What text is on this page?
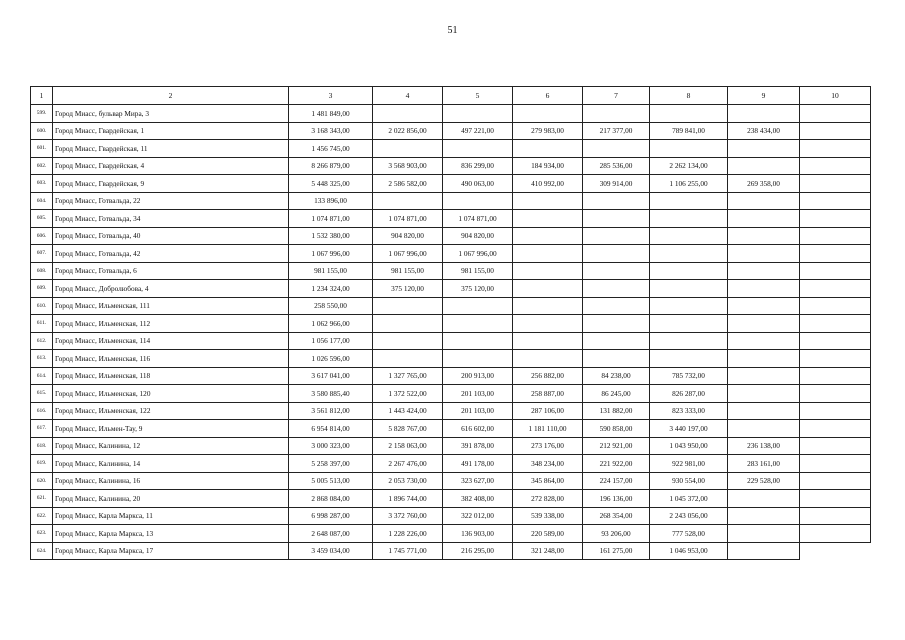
51
1	2	3	4	5	6	7	8	9	10
599.	Город Миасс, бульвар Мира, 3	1 481 849,00							
600.	Город Миасс, Гвардейская, 1	3 168 343,00	2 022 856,00	497 221,00	279 983,00	217 377,00	789 841,00	238 434,00	
601.	Город Миасс, Гвардейская, 11	1 456 745,00							
602.	Город Миасс, Гвардейская, 4	8 266 879,00	3 568 903,00	836 299,00	184 934,00	285 536,00	2 262 134,00		
603.	Город Миасс, Гвардейская, 9	5 448 325,00	2 586 582,00	490 063,00	410 992,00	309 914,00	1 106 255,00	269 358,00	
604.	Город Миасс, Готвальда, 22	133 896,00							
605.	Город Миасс, Готвальда, 34	1 074 871,00	1 074 871,00	1 074 871,00					
606.	Город Миасс, Готвальда, 40	1 532 380,00	904 820,00	904 820,00					
607.	Город Миасс, Готвальда, 42	1 067 996,00	1 067 996,00	1 067 996,00					
608.	Город Миасс, Готвальда, 6	981 155,00	981 155,00	981 155,00					
609.	Город Миасс, Добролюбова, 4	1 234 324,00	375 120,00	375 120,00					
610.	Город Миасс, Ильменская, 111	258 550,00							
611.	Город Миасс, Ильменская, 112	1 062 966,00							
612.	Город Миасс, Ильменская, 114	1 056 177,00							
613.	Город Миасс, Ильменская, 116	1 026 596,00							
614.	Город Миасс, Ильменская, 118	3 617 041,00	1 327 765,00	200 913,00	256 882,00	84 238,00	785 732,00		
615.	Город Миасс, Ильменская, 120	3 580 885,40	1 372 522,00	201 103,00	258 887,00	86 245,00	826 287,00		
616.	Город Миасс, Ильменская, 122	3 561 812,00	1 443 424,00	201 103,00	287 106,00	131 882,00	823 333,00		
617.	Город Миасс, Ильмен-Тау, 9	6 954 814,00	5 828 767,00	616 602,00	1 181 110,00	590 858,00	3 440 197,00		
618.	Город Миасс, Калинина, 12	3 000 323,00	2 158 063,00	391 878,00	273 176,00	212 921,00	1 043 950,00	236 138,00	
619.	Город Миасс, Калинина, 14	5 258 397,00	2 267 476,00	491 178,00	348 234,00	221 922,00	922 981,00	283 161,00	
620.	Город Миасс, Калинина, 16	5 005 513,00	2 053 730,00	323 627,00	345 864,00	224 157,00	930 554,00	229 528,00	
621.	Город Миасс, Калинина, 20	2 868 084,00	1 896 744,00	382 408,00	272 828,00	196 136,00	1 045 372,00		
622.	Город Миасс, Карла Маркса, 11	6 998 287,00	3 372 760,00	322 012,00	539 338,00	268 354,00	2 243 056,00		
623.	Город Миасс, Карла Маркса, 13	2 648 087,00	1 228 226,00	136 903,00	220 589,00	93 206,00	777 528,00		
624.	Город Миасс, Карла Маркса, 17	3 459 034,00	1 745 771,00	216 295,00	321 248,00	161 275,00	1 046 953,00		
